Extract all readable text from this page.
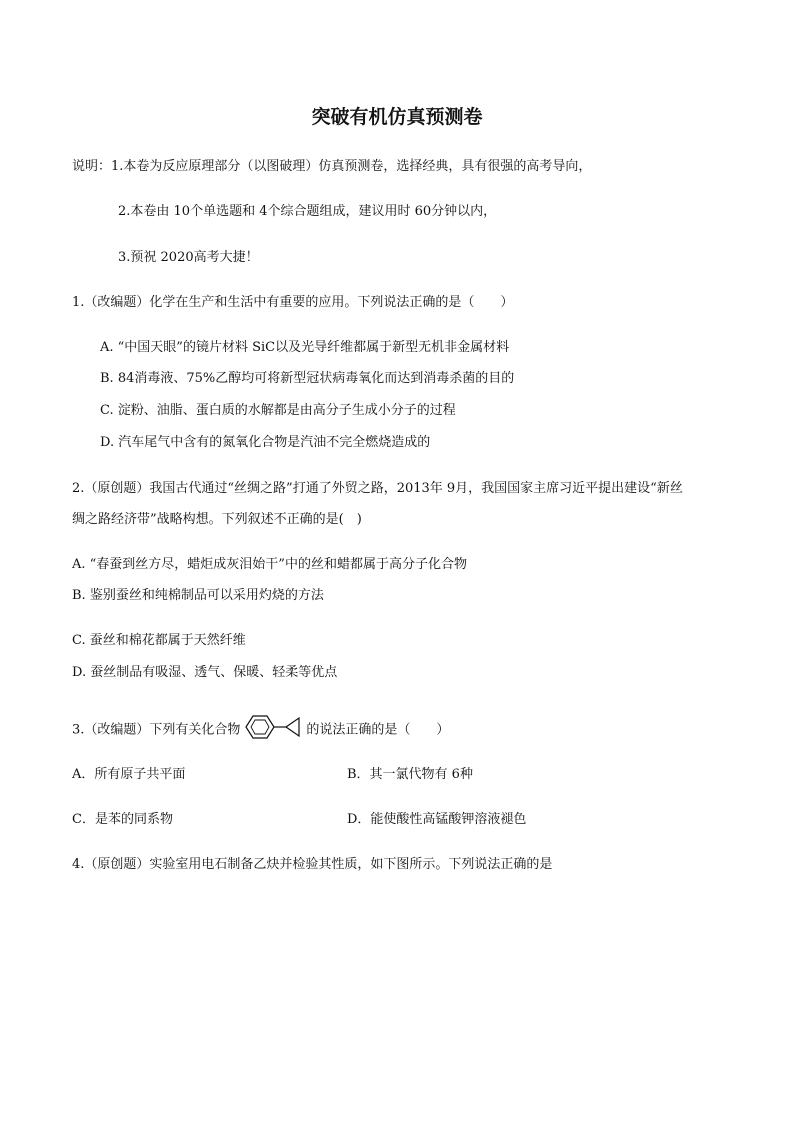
突破有机仿真预测卷
说明：1.本卷为反应原理部分（以图破理）仿真预测卷，选择经典，具有很强的高考导向，
2.本卷由 10个单选题和 4个综合题组成，建议用时 60分钟以内，
3.预祝 2020高考大捷！
1.（改编题）化学在生产和生活中有重要的应用。下列说法正确的是（　　）
A. “中国天眼”的镜片材料 SiC以及光导纤维都属于新型无机非金属材料
B. 84消毒液、75%乙醇均可将新型冠状病毒氧化而达到消毒杀菌的目的
C. 淀粉、油脂、蛋白质的水解都是由高分子生成小分子的过程
D. 汽车尾气中含有的氮氧化合物是汽油不完全燃烧造成的
2.（原创题）我国古代通过“丝绸之路”打通了外贸之路，2013年 9月，我国国家主席习近平提出建设“新丝
绸之路经济带”战略构想。下列叙述不正确的是(　)
A. “春蚕到丝方尽，蜡炬成灰泪始干”中的丝和蜡都属于高分子化合物
B. 鉴别蚕丝和纯棉制品可以采用灼烧的方法
C. 蚕丝和棉花都属于天然纤维
D. 蚕丝制品有吸湿、透气、保暖、轻柔等优点
3.（改编题）下列有关化合物	的说法正确的是（　　）
A．所有原子共平面	B．其一氯代物有 6种
C．是苯的同系物	D．能使酸性高锰酸钾溶液褪色
4.（原创题）实验室用电石制备乙炔并检验其性质，如下图所示。下列说法正确的是
